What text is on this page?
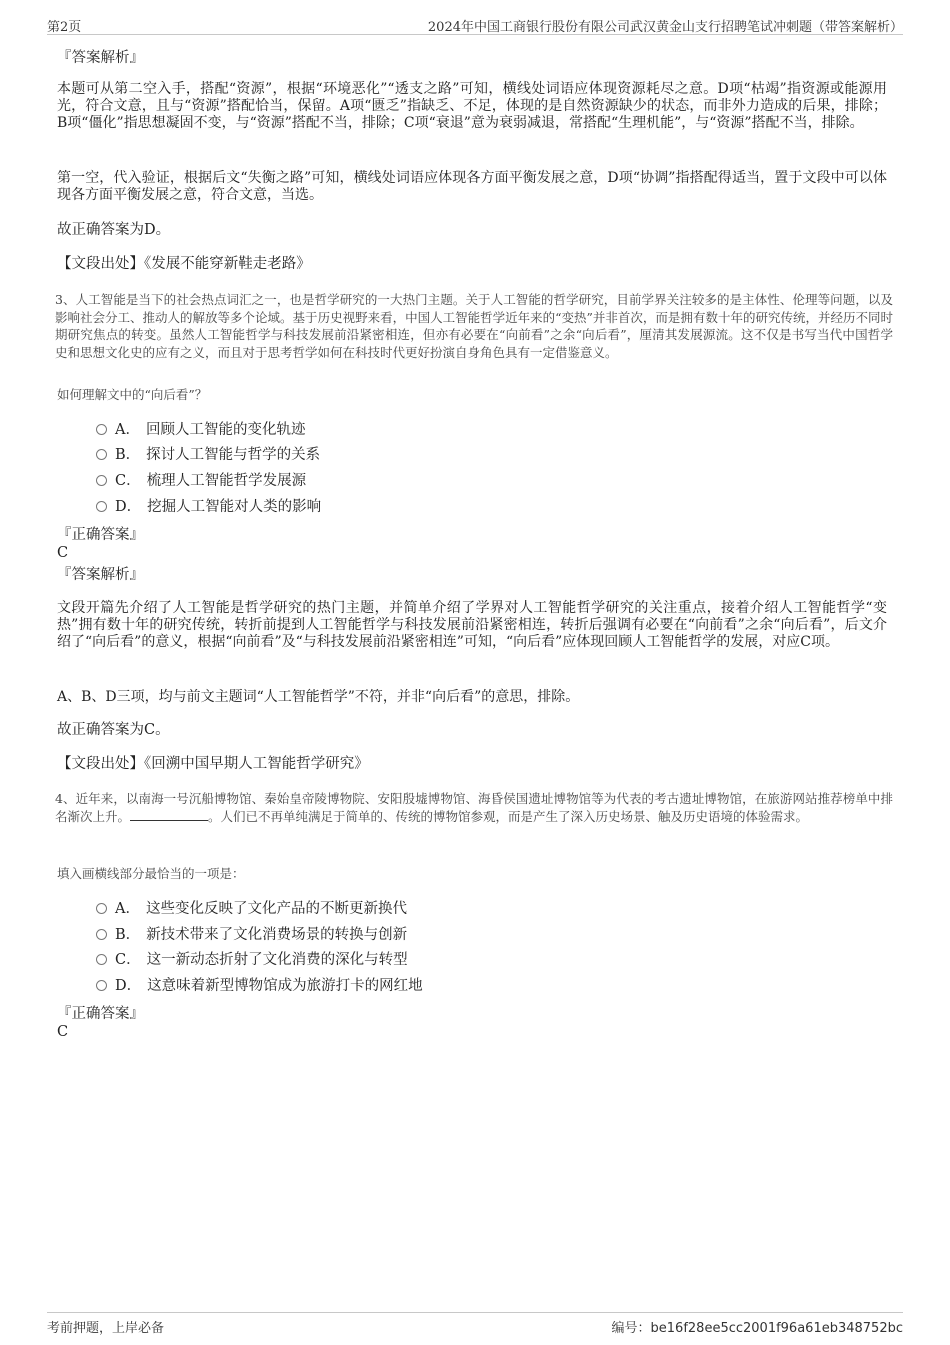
第2页	2024年中国工商银行股份有限公司武汉黄金山支行招聘笔试冲刺题（带答案解析）
『答案解析』
本题可从第二空入手，搭配“资源”，根据“环境恶化”“透支之路”可知，横线处词语应体现资源耗尽之意。D项“枯竭”指资源或能源用光，符合文意，且与“资源”搭配恰当，保留。A项“匮乏”指缺乏、不足，体现的是自然资源缺少的状态，而非外力造成的后果，排除；B项“僵化”指思想凝固不变，与“资源”搭配不当，排除；C项“衰退”意为衰弱减退，常搭配“生理机能”，与“资源”搭配不当，排除。
第一空，代入验证，根据后文“失衡之路”可知，横线处词语应体现各方面平衡发展之意，D项“协调”指搭配得适当，置于文段中可以体现各方面平衡发展之意，符合文意，当选。
故正确答案为D。
【文段出处】《发展不能穿新鞋走老路》
3、人工智能是当下的社会热点词汇之一，也是哲学研究的一大热门主题。关于人工智能的哲学研究，目前学界关注较多的是主体性、伦理等问题，以及影响社会分工、推动人的解放等多个论域。基于历史视野来看，中国人工智能哲学近年来的“变热”并非首次，而是拥有数十年的研究传统，并经历不同时期研究焦点的转变。虽然人工智能哲学与科技发展前沿紧密相连，但亦有必要在“向前看”之余“向后看”，厘清其发展源流。这不仅是书写当代中国哲学史和思想文化史的应有之义，而且对于思考哲学如何在科技时代更好扮演自身角色具有一定借鉴意义。
如何理解文中的“向后看”？
A． 回顾人工智能的变化轨迹
B． 探讨人工智能与哲学的关系
C． 梳理人工智能哲学发展源
D． 挖掘人工智能对人类的影响
『正确答案』
C
『答案解析』
文段开篇先介绍了人工智能是哲学研究的热门主题，并简单介绍了学界对人工智能哲学研究的关注重点，接着介绍人工智能哲学“变热”拥有数十年的研究传统，转折前提到人工智能哲学与科技发展前沿紧密相连，转折后强调有必要在“向前看”之余“向后看”，后文介绍了“向后看”的意义，根据“向前看”及“与科技发展前沿紧密相连”可知，“向后看”应体现回顾人工智能哲学的发展，对应C项。
A、B、D三项，均与前文主题词“人工智能哲学”不符，并非“向后看”的意思，排除。
故正确答案为C。
【文段出处】《回溯中国早期人工智能哲学研究》
4、近年来，以南海一号沉船博物馆、秦始皇帝陵博物院、安阳殷墟博物馆、海昏侯国遗址博物馆等为代表的考古遗址博物馆，在旅游网站推荐榜单中排名渐次上升。	。人们已不再单纯满足于简单的、传统的博物馆参观，而是产生了深入历史场景、触及历史语境的体验需求。
填入画横线部分最恰当的一项是：
A． 这些变化反映了文化产品的不断更新换代
B． 新技术带来了文化消费场景的转换与创新
C． 这一新动态折射了文化消费的深化与转型
D． 这意味着新型博物馆成为旅游打卡的网红地
『正确答案』
C
考前押题，上岸必备	编号：be16f28ee5cc2001f96a61eb348752bc
